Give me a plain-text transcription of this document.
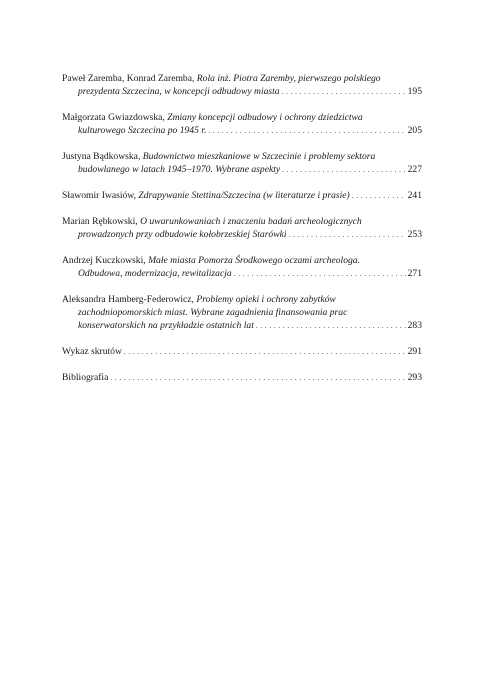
Paweł Zaremba, Konrad Zaremba, Rola inż. Piotra Zaremby, pierwszego polskiego
prezydenta Szczecina, w koncepcji odbudowy miasta . . .	195
Małgorzata Gwiazdowska, Zmiany koncepcji odbudowy i ochrony dziedzictwa
kulturowego Szczecina po 1945 r. . . .	205
Justyna Bądkowska, Budownictwo mieszkaniowe w Szczecinie i problemy sektora
budowlanego w latach 1945–1970. Wybrane aspekty . . .	227
Sławomir Iwasiów, Zdrapywanie Stettina/Szczecina (w literaturze i prasie) . . .	241
Marian Rębkowski, O uwarunkowaniach i znaczeniu badań archeologicznych
prowadzonych przy odbudowie kołobrzeskiej Starówki . . .	253
Andrzej Kuczkowski, Małe miasta Pomorza Środkowego oczami archeologa.
Odbudowa, modernizacja, rewitalizacja . . .	271
Aleksandra Hamberg-Federowicz, Problemy opieki i ochrony zabytków
zachodniopomorskich miast. Wybrane zagadnienia finansowania prac
konserwatorskich na przykładzie ostatnich lat . . .	283
Wykaz skrutów . . .	291
Bibliografia . . .	293
